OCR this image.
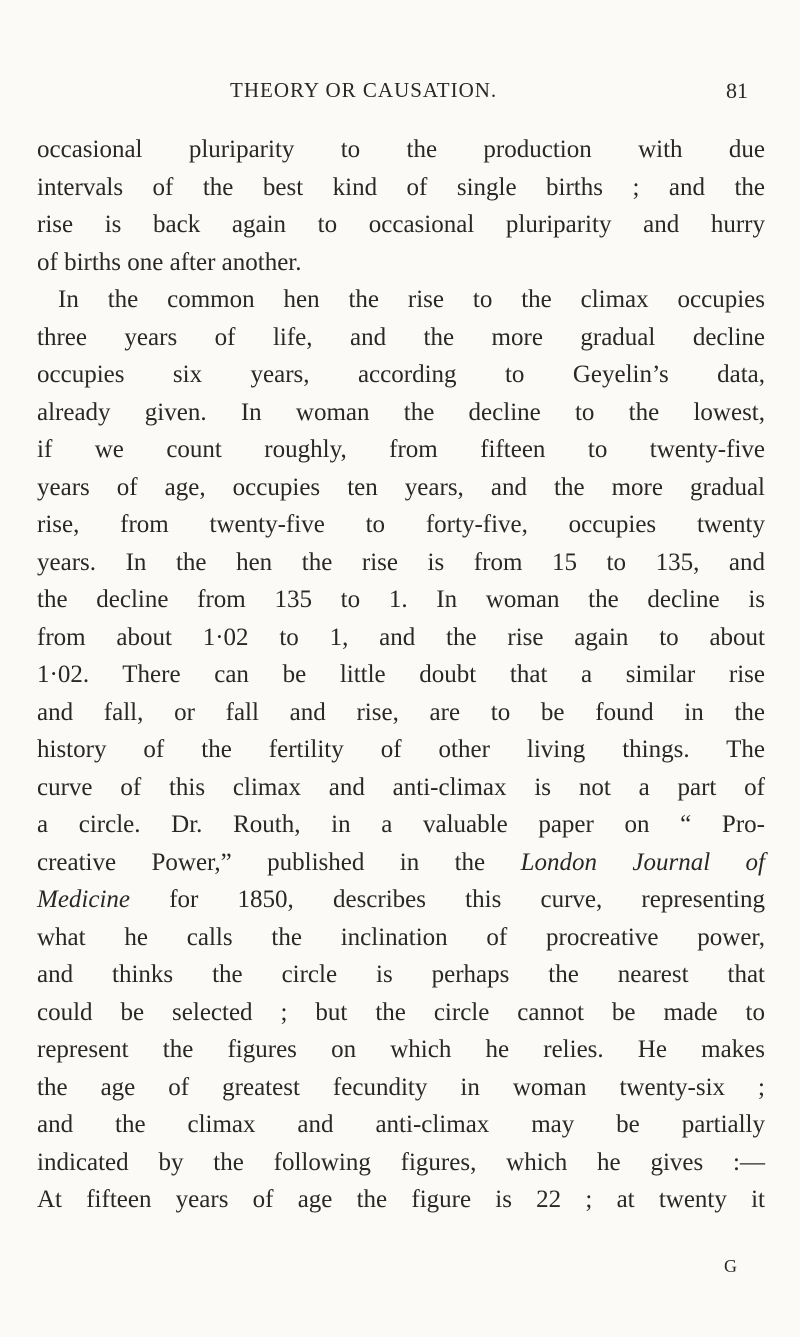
THEORY OR CAUSATION.	81
occasional pluriparity to the production with due
intervals of the best kind of single births ; and the
rise is back again to occasional pluriparity and hurry
of births one after another.
In the common hen the rise to the climax occupies
three years of life, and the more gradual decline
occupies six years, according to Geyelin’s data,
already given. In woman the decline to the lowest,
if we count roughly, from fifteen to twenty-five
years of age, occupies ten years, and the more gradual
rise, from twenty-five to forty-five, occupies twenty
years. In the hen the rise is from 15 to 135, and
the decline from 135 to 1. In woman the decline is
from about 1·02 to 1, and the rise again to about
1·02. There can be little doubt that a similar rise
and fall, or fall and rise, are to be found in the
history of the fertility of other living things. The
curve of this climax and anti-climax is not a part of
a circle. Dr. Routh, in a valuable paper on “ Pro-
creative Power,” published in the London Journal of
Medicine for 1850, describes this curve, representing
what he calls the inclination of procreative power,
and thinks the circle is perhaps the nearest that
could be selected ; but the circle cannot be made to
represent the figures on which he relies. He makes
the age of greatest fecundity in woman twenty-six ;
and the climax and anti-climax may be partially
indicated by the following figures, which he gives :—
At fifteen years of age the figure is 22 ; at twenty it
G
